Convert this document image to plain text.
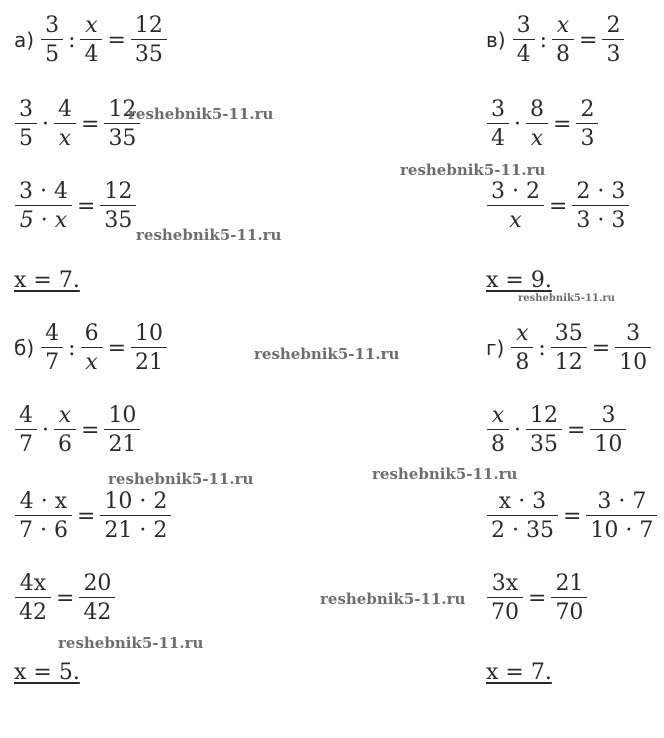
$а) \frac{3}{5}$ : $\frac{x}{4} = \frac{12}{35}$
$\frac{3}{5} \cdot \frac{4}{x} = \frac{12}{35}$
$\frac{3 \cdot 4}{5 \cdot x} = \frac{12}{35}$
x = 7.
$в) \frac{3}{4}$ : $\frac{x}{8} = \frac{2}{3}$
$\frac{3}{4} \cdot \frac{8}{x} = \frac{2}{3}$
$\frac{3 \cdot 2}{x} = \frac{2 \cdot 3}{3 \cdot 3}$
x = 9.
$б) \frac{4}{7}$ : $\frac{6}{x} = \frac{10}{21}$
$\frac{4}{7} \cdot \frac{x}{6} = \frac{10}{21}$
$\frac{4 \cdot x}{7 \cdot 6} = \frac{10 \cdot 2}{21 \cdot 2}$
$\frac{4x}{42} = \frac{20}{42}$
x = 5.
$г) \frac{x}{8}$ : $\frac{35}{12} = \frac{3}{10}$
$\frac{x}{8} \cdot \frac{12}{35} = \frac{3}{10}$
$\frac{x \cdot 3}{2 \cdot 35} = \frac{3 \cdot 7}{10 \cdot 7}$
$\frac{3x}{70} = \frac{21}{70}$
x = 7.
reshebnik5-11.ru
reshebnik5-11.ru
reshebnik5-11.ru
reshebnik5-11.ru
reshebnik5-11.ru
reshebnik5-11.ru	reshebnik5-11.ru
reshebnik5-11.ru
reshebnik5-11.ru
